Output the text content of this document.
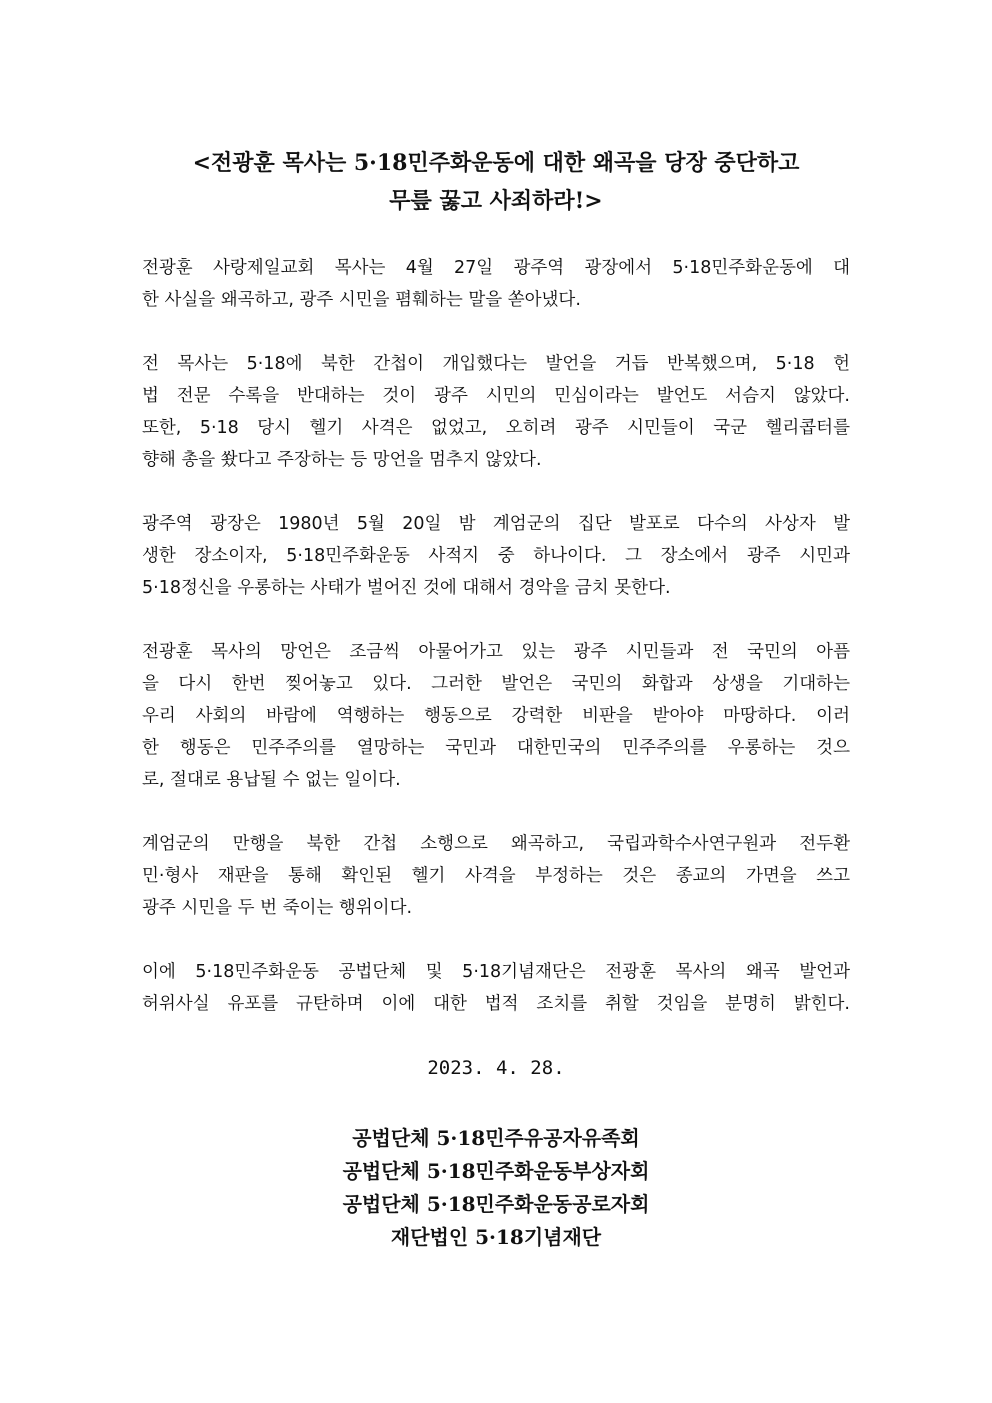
<전광훈 목사는 5·18민주화운동에 대한 왜곡을 당장 중단하고
무릎 꿇고 사죄하라!>
전광훈 사랑제일교회 목사는 4월 27일 광주역 광장에서 5·18민주화운동에 대
한 사실을 왜곡하고, 광주 시민을 폄훼하는 말을 쏟아냈다.
전 목사는 5·18에 북한 간첩이 개입했다는 발언을 거듭 반복했으며, 5·18 헌
법 전문 수록을 반대하는 것이 광주 시민의 민심이라는 발언도 서슴지 않았다.
또한, 5·18 당시 헬기 사격은 없었고, 오히려 광주 시민들이 국군 헬리콥터를
향해 총을 쐈다고 주장하는 등 망언을 멈추지 않았다.
광주역 광장은 1980년 5월 20일 밤 계엄군의 집단 발포로 다수의 사상자 발
생한 장소이자, 5·18민주화운동 사적지 중 하나이다. 그 장소에서 광주 시민과
5·18정신을 우롱하는 사태가 벌어진 것에 대해서 경악을 금치 못한다.
전광훈 목사의 망언은 조금씩 아물어가고 있는 광주 시민들과 전 국민의 아픔
을 다시 한번 찢어놓고 있다. 그러한 발언은 국민의 화합과 상생을 기대하는
우리 사회의 바람에 역행하는 행동으로 강력한 비판을 받아야 마땅하다. 이러
한 행동은 민주주의를 열망하는 국민과 대한민국의 민주주의를 우롱하는 것으
로, 절대로 용납될 수 없는 일이다.
계엄군의 만행을 북한 간첩 소행으로 왜곡하고, 국립과학수사연구원과 전두환
민·형사 재판을 통해 확인된 헬기 사격을 부정하는 것은 종교의 가면을 쓰고
광주 시민을 두 번 죽이는 행위이다.
이에 5·18민주화운동 공법단체 및 5·18기념재단은 전광훈 목사의 왜곡 발언과
허위사실 유포를 규탄하며 이에 대한 법적 조치를 취할 것임을 분명히 밝힌다.
2023. 4. 28.
공법단체 5·18민주유공자유족회
공법단체 5·18민주화운동부상자회
공법단체 5·18민주화운동공로자회
재단법인 5·18기념재단
